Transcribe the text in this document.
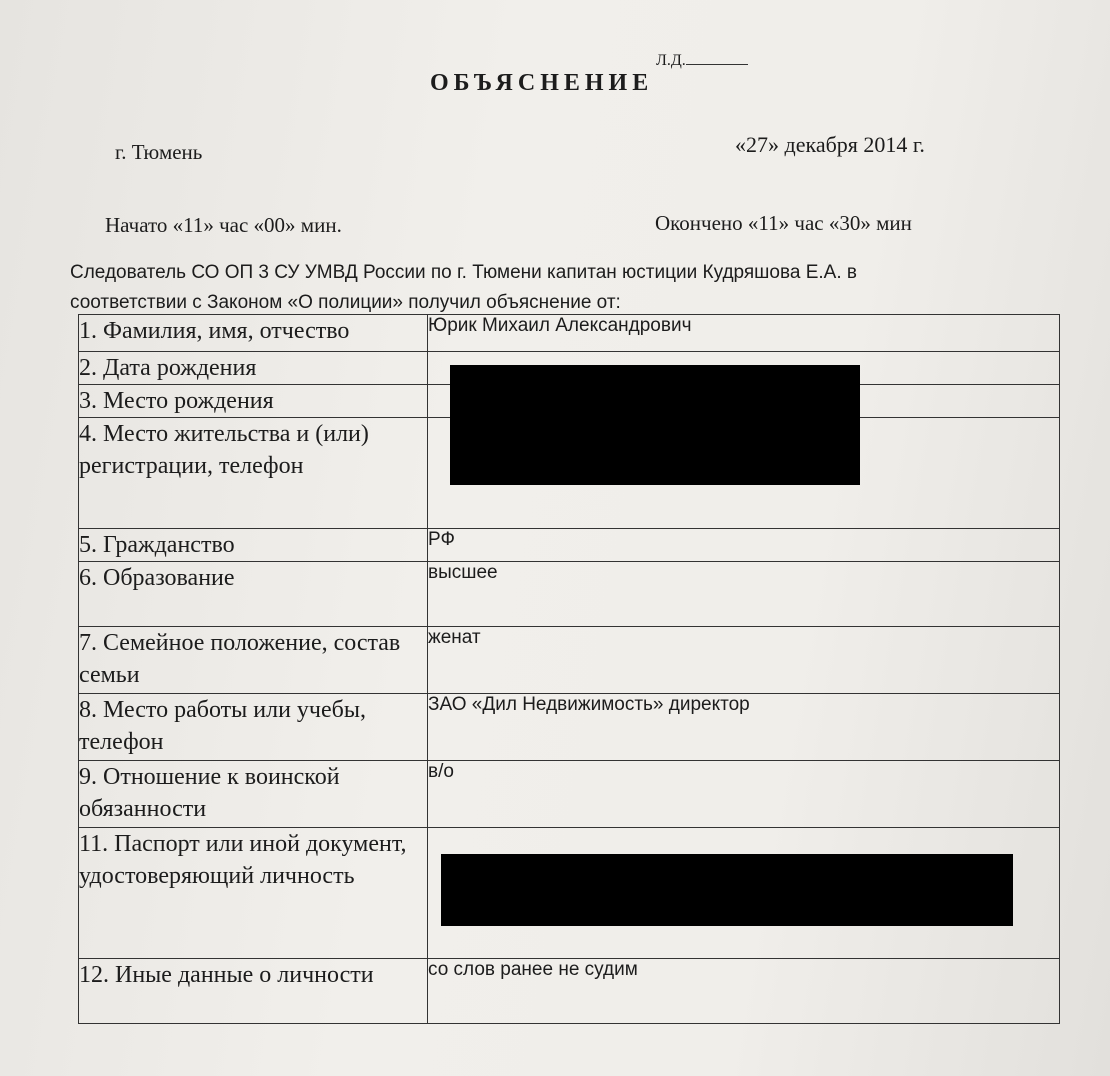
Л.Д.
ОБЪЯСНЕНИЕ
г. Тюмень	«27» декабря 2014 г.
Начато «11» час «00» мин.	Окончено «11» час «30» мин

Следователь СО ОП 3 СУ УМВД России по г. Тюмени капитан юстиции Кудряшова Е.А. в

соответствии с Законом «О полиции» получил объяснение от:

1. Фамилия, имя, отчество	Юрик Михаил Александрович
2. Дата рождения	
3. Место рождения	
4. Место жительства и (или) регистрации, телефон	
5. Гражданство	РФ
6. Образование	высшее
7. Семейное положение, состав семьи	женат
8. Место работы или учебы, телефон	ЗАО «Дил Недвижимость» директор
9. Отношение к воинской обязанности	в/о
11. Паспорт или иной документ, удостоверяющий личность	
12. Иные данные о личности	со слов ранее не судим
